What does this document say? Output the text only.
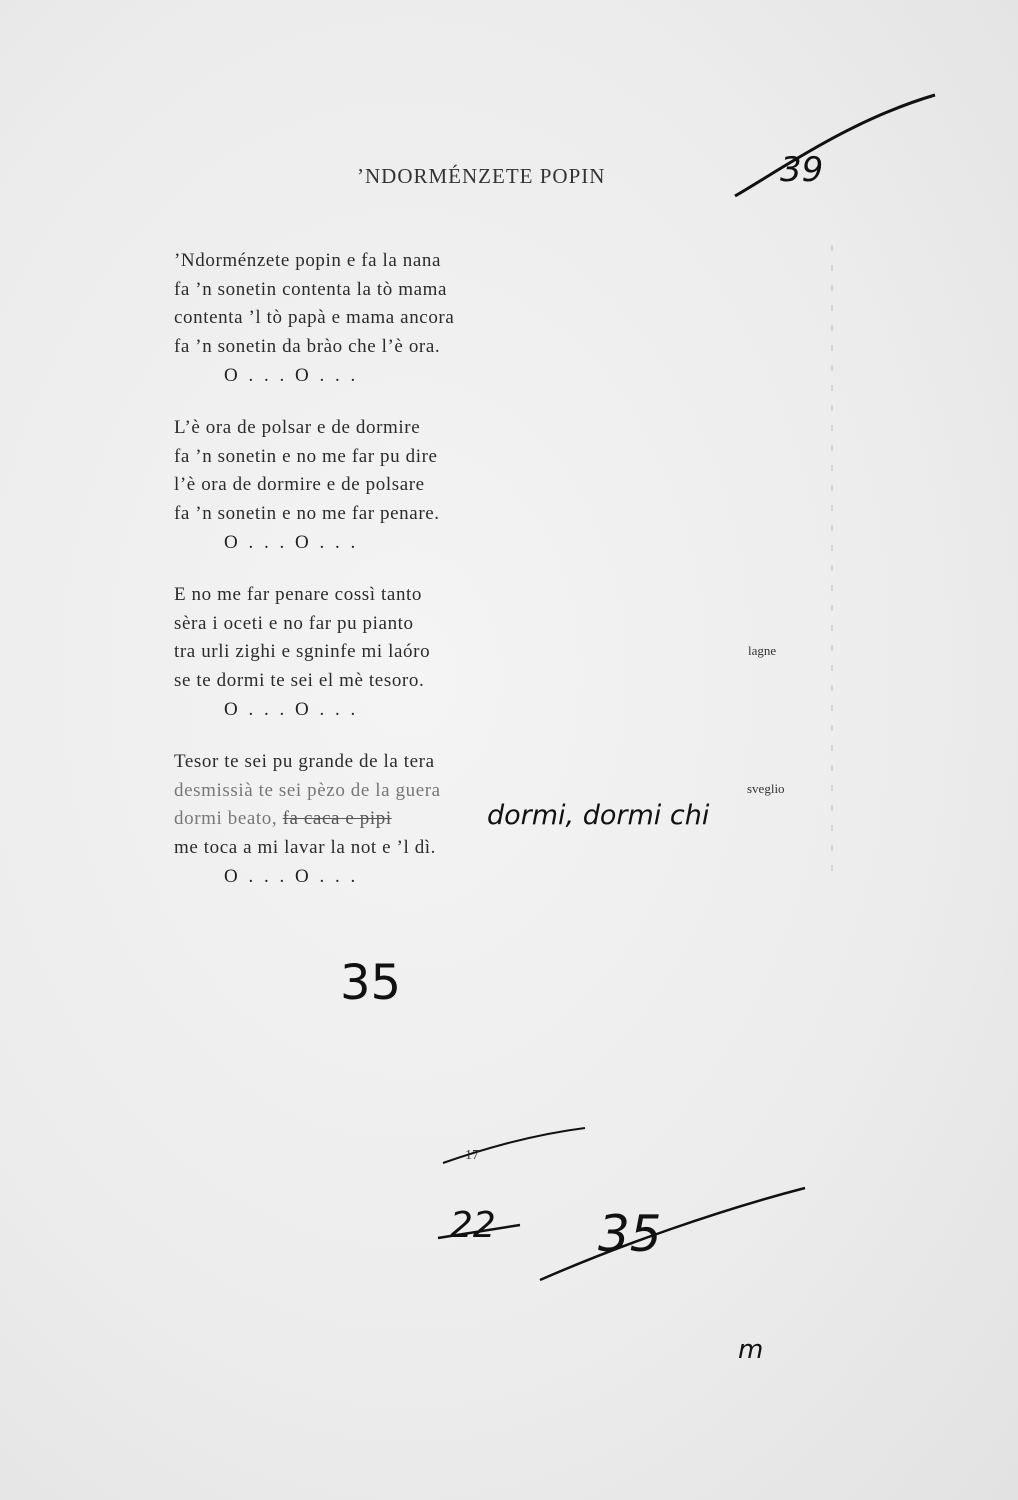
39
’NDORMÉNZETE POPIN
’Ndorménzete popin e fa la nana
fa ’n sonetin contenta la tò mama
contenta ’l tò papà e mama ancora
fa ’n sonetin da brào che l’è ora.
O . . . O . . .
L’è ora de polsar e de dormire
fa ’n sonetin e no me far pu dire
l’è ora de dormire e de polsare
fa ’n sonetin e no me far penare.
O . . . O . . .
E no me far penare cossì tanto
sèra i oceti e no far pu pianto
tra urli zighi e sgninfe mi laóro
se te dormi te sei el mè tesoro.
O . . . O . . .
Tesor te sei pu grande de la tera
desmissià te sei pèzo de la guera
dormi beato, fa caca e pipi
me toca a mi lavar la not e ’l dì.
O . . . O . . .
dormi, dormi chi
lagne
sveglio
35
17
22 35
m
